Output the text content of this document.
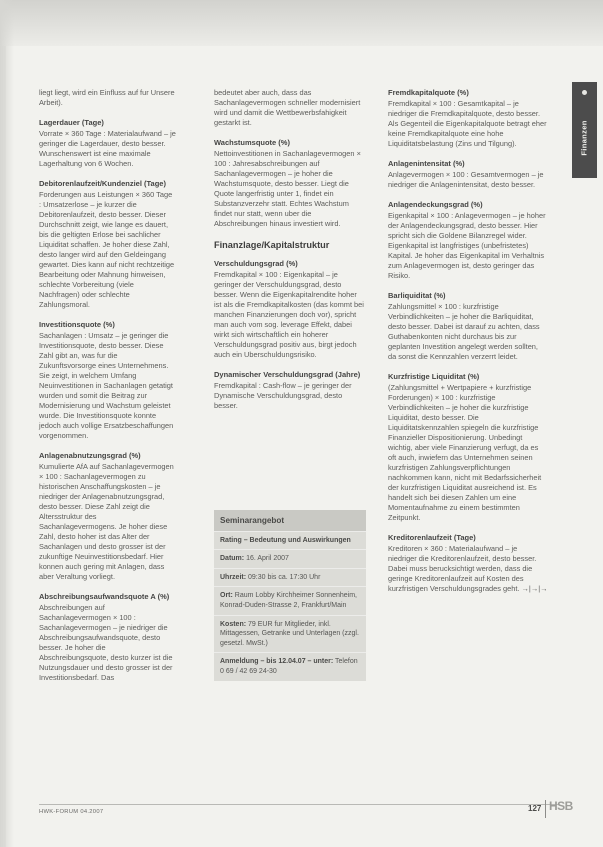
Finanzen

liegt liegt, wird ein Einfluss auf fur Unsere Arbeit).

Lagerdauer (Tage)

Vorrate × 360 Tage : Materialaufwand – je geringer die Lagerdauer, desto besser. Wunschenswert ist eine maximale Lagerhaltung von 6 Wochen.

Debitorenlaufzeit/Kundenziel (Tage)

Forderungen aus Leistungen × 360 Tage : Umsatzerlose – je kurzer die Debitorenlaufzeit, desto besser. Dieser Durchschnitt zeigt, wie lange es dauert, bis die geltigten Erlose bei sachlicher Liquiditat schaffen. Je hoher diese Zahl, desto langer wird auf den Geldeingang gewartet. Dies kann auf nicht rechtzeitige Bearbeitung oder Mahnung hinweisen, schlechte Vorbereitung (viele Nachfragen) oder schlechte Zahlungsmoral.

Investitionsquote (%)

Sachanlagen : Umsatz – je geringer die Investitionsquote, desto besser. Diese Zahl gibt an, was fur die Zukunftsvorsorge eines Unternehmens. Sie zeigt, in welchem Umfang Neuinvestitionen in Sachanlagen getatigt wurden und somit die Beitrag zur Modernisierung und Wachstum geleistet wurde. Die Investitionsquote konnte jedoch auch vollige Ersatzbeschaffungen vorgenommen.

Anlagenabnutzungsgrad (%)

Kumulierte AfA auf Sachanlagevermogen × 100 : Sachanlagevermogen zu historischen Anschaffungskosten – je niedriger der Anlagenabnutzungsgrad, desto besser. Diese Zahl zeigt die Altersstruktur des Sachanlagevermogens. Je hoher diese Zahl, desto hoher ist das Alter der Sachanlagen und desto grosser ist der zukunftige Neuinvestitionsbedarf. Hier konnen auch gering mit Anlagen, dass aber Veraltung vorliegt.

Abschreibungsaufwandsquote A (%)

Abschreibungen auf Sachanlagevermogen × 100 : Sachanlagevermogen – je niedriger die Abschreibungsaufwandsquote, desto besser. Je hoher die Abschreibungsquote, desto kurzer ist die Nutzungsdauer und desto grosser ist der Investitionsbedarf. Das

bedeutet aber auch, dass das Sachanlagevermogen schneller modernisiert wird und damit die Wettbewerbsfahigkeit gestarkt ist.

Wachstumsquote (%)

Nettoinvestitionen in Sachanlagevermogen × 100 : Jahresabschreibungen auf Sachanlagevermogen – je hoher die Wachstumsquote, desto besser. Liegt die Quote langerfristig unter 1, findet ein Substanzverzehr statt. Echtes Wachstum findet nur statt, wenn uber die Abschreibungen hinaus investiert wird.

Finanzlage/Kapitalstruktur
Verschuldungsgrad (%)

Fremdkapital × 100 : Eigenkapital – je geringer der Verschuldungsgrad, desto besser. Wenn die Eigenkapitalrendite hoher ist als die Fremdkapitalkosten (das kommt bei manchen Finanzierungen doch vor), spricht man auch vom sog. leverage Effekt, dabei wirkt sich wirtschaftlich ein hoherer Verschuldungsgrad positiv aus, birgt jedoch auch ein Uberschuldungsrisiko.

Dynamischer Verschuldungsgrad (Jahre)

Fremdkapital : Cash-flow – je geringer der Dynamische Verschuldungsgrad, desto besser.

Seminarangebot
Rating – Bedeutung und Auswirkungen
Datum: 16. April 2007
Uhrzeit: 09:30 bis ca. 17:30 Uhr
Ort: Raum Lobby Kirchheimer Sonnenheim, Konrad-Duden-Strasse 2, Frankfurt/Main
Kosten: 79 EUR fur Mitglieder, inkl. Mittagessen, Getranke und Unterlagen (zzgl. gesetzl. MwSt.)
Anmeldung – bis 12.04.07 – unter: Telefon 0 69 / 42 69 24-30
Fremdkapitalquote (%)

Fremdkapital × 100 : Gesamtkapital – je niedriger die Fremdkapitalquote, desto besser. Als Gegenteil die Eigenkapitalquote betragt eher keine Fremdkapitalquote eine hohe Liquiditatsbelastung (Zins und Tilgung).

Anlagenintensitat (%)

Anlagevermogen × 100 : Gesamtvermogen – je niedriger die Anlagenintensitat, desto besser.

Anlagendeckungsgrad (%)

Eigenkapital × 100 : Anlagevermogen – je hoher der Anlagendeckungsgrad, desto besser. Hier spricht sich die Goldene Bilanzregel wider. Eigenkapital ist langfristiges (unbefristetes) Kapital. Je hoher das Eigenkapital im Verhaltnis zum Anlagevermogen ist, desto geringer das Risiko.

Barliquiditat (%)

Zahlungsmittel × 100 : kurzfristige Verbindlichkeiten – je hoher die Barliquiditat, desto besser. Dabei ist darauf zu achten, dass Guthabenkonten nicht durchaus bis zur geplanten Investition angelegt werden sollten, da sonst die Kennzahlen verzerrt leidet.

Kurzfristige Liquiditat (%)

(Zahlungsmittel + Wertpapiere + kurzfristige Forderungen) × 100 : kurzfristige Verbindlichkeiten – je hoher die kurzfristige Liquiditat, desto besser. Die Liquiditatskennzahlen spiegeln die kurzfristige Finanzieller Dispositionierung. Unbedingt wichtig, aber viele Finanzierung verfugt, da es oft auch, inwiefern das Unternehmen seinen kurzfristigen Zahlungsverpflichtungen nachkommen kann, nicht mit Bedarfssicherheit der kurzfristigen Liquiditat ausreichend ist. Es handelt sich bei diesen Zahlen um eine Momentaufnahme zu einem bestimmten Zeitpunkt.

Kreditorenlaufzeit (Tage)

Kreditoren × 360 : Materialaufwand – je niedriger die Kreditorenlaufzeit, desto besser. Dabei muss berucksichtigt werden, dass die geringe Kreditorenlaufzeit auf Kosten des kurzfristigen Verschuldungsgrades geht. →|→|→

HWK-FORUM 04.2007	127 HSB
